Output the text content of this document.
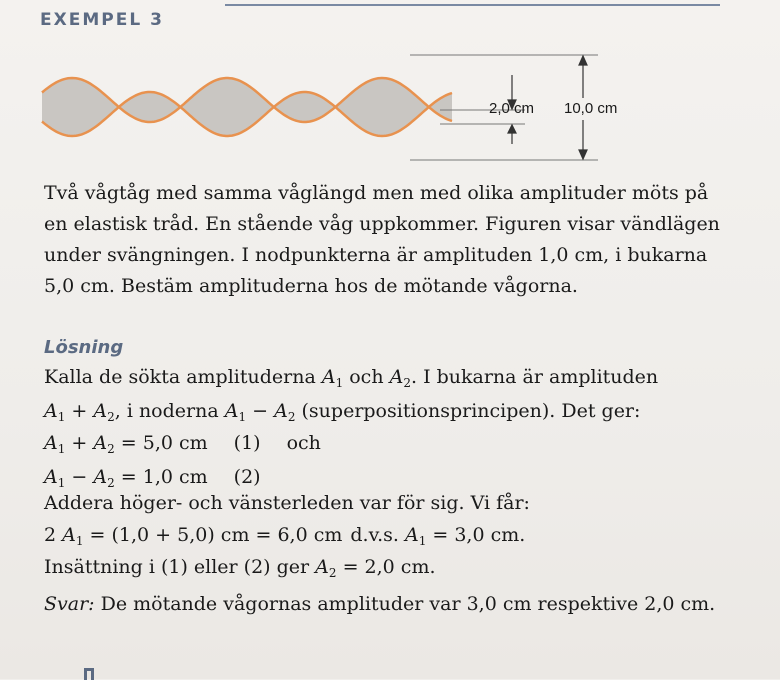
EXEMPEL 3
2,0 cm 10,0 cm

Två vågtåg med samma våglängd men med olika amplituder möts på

en elastisk tråd. En stående våg uppkommer. Figuren visar vändlägen

under svängningen. I nodpunkterna är amplituden 1,0 cm, i bukarna

5,0 cm. Bestäm amplituderna hos de mötande vågorna.

Lösning
Kalla de sökta amplituderna $A_1$ och $A_2$. I bukarna är amplituden
$A_1 + A_2$, i noderna $A_1 - A_2$ (superpositionsprincipen). Det ger:
$A_1 + A_2 = 5,0$ cm (1) och
$A_1 - A_2 = 1,0$ cm (2)
Addera höger- och vänsterleden var för sig. Vi får:
2 $A_1 = (1,0 + 5,0)$ cm = 6,0 cm d.v.s. $A_1 = 3,0$ cm.
Insättning i (1) eller (2) ger $A_2 = 2,0$ cm.
Svar: De mötande vågornas amplituder var 3,0 cm respektive 2,0 cm.
